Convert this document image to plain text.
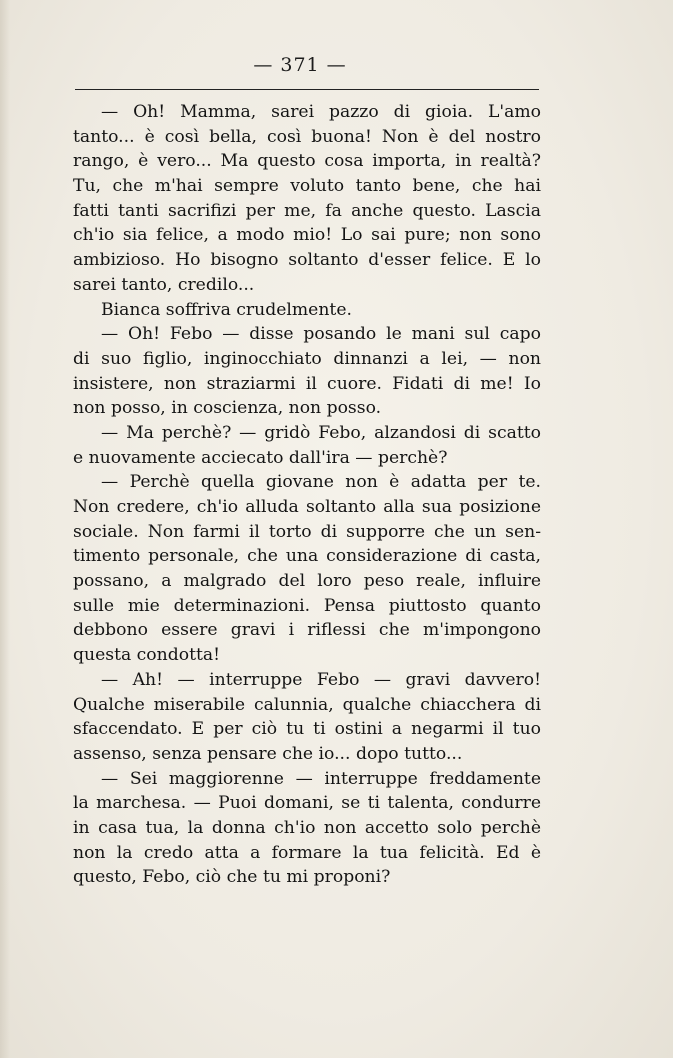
— 371 —
— Oh! Mamma, sarei pazzo di gioia. L'amo
tanto... è così bella, così buona! Non è del nostro
rango, è vero... Ma questo cosa importa, in realtà?
Tu, che m'hai sempre voluto tanto bene, che hai
fatti tanti sacrifizi per me, fa anche questo. Lascia
ch'io sia felice, a modo mio! Lo sai pure; non sono
ambizioso. Ho bisogno soltanto d'esser felice. E lo
sarei tanto, credilo...
Bianca soffriva crudelmente.
— Oh! Febo — disse posando le mani sul capo
di suo figlio, inginocchiato dinnanzi a lei, — non
insistere, non straziarmi il cuore. Fidati di me! Io
non posso, in coscienza, non posso.
— Ma perchè? — gridò Febo, alzandosi di scatto
e nuovamente acciecato dall'ira — perchè?
— Perchè quella giovane non è adatta per te.
Non credere, ch'io alluda soltanto alla sua posizione
sociale. Non farmi il torto di supporre che un sen-
timento personale, che una considerazione di casta,
possano, a malgrado del loro peso reale, influire
sulle mie determinazioni. Pensa piuttosto quanto
debbono essere gravi i riflessi che m'impongono
questa condotta!
— Ah! — interruppe Febo — gravi davvero!
Qualche miserabile calunnia, qualche chiacchera di
sfaccendato. E per ciò tu ti ostini a negarmi il tuo
assenso, senza pensare che io... dopo tutto...
— Sei maggiorenne — interruppe freddamente
la marchesa. — Puoi domani, se ti talenta, condurre
in casa tua, la donna ch'io non accetto solo perchè
non la credo atta a formare la tua felicità. Ed è
questo, Febo, ciò che tu mi proponi?
